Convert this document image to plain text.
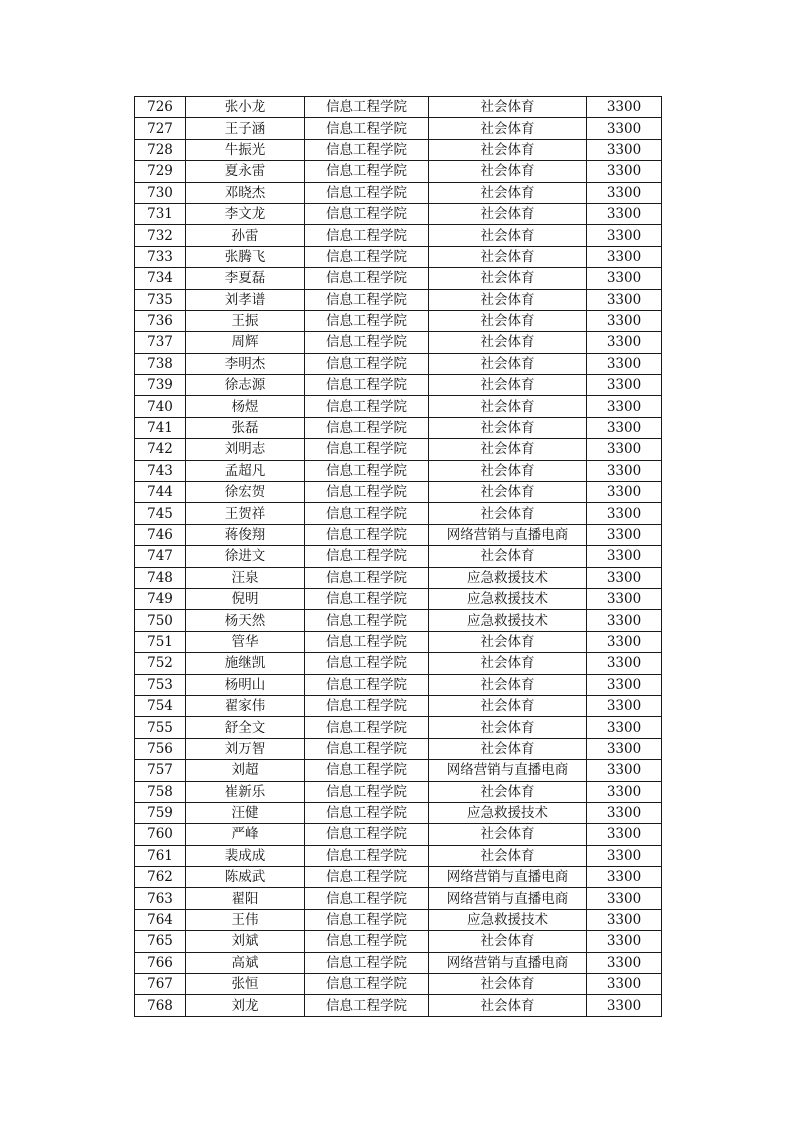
726	张小龙	信息工程学院	社会体育	3300
727	王子涵	信息工程学院	社会体育	3300
728	牛振光	信息工程学院	社会体育	3300
729	夏永雷	信息工程学院	社会体育	3300
730	邓晓杰	信息工程学院	社会体育	3300
731	李文龙	信息工程学院	社会体育	3300
732	孙雷	信息工程学院	社会体育	3300
733	张腾飞	信息工程学院	社会体育	3300
734	李夏磊	信息工程学院	社会体育	3300
735	刘孝谱	信息工程学院	社会体育	3300
736	王振	信息工程学院	社会体育	3300
737	周辉	信息工程学院	社会体育	3300
738	李明杰	信息工程学院	社会体育	3300
739	徐志源	信息工程学院	社会体育	3300
740	杨煜	信息工程学院	社会体育	3300
741	张磊	信息工程学院	社会体育	3300
742	刘明志	信息工程学院	社会体育	3300
743	孟超凡	信息工程学院	社会体育	3300
744	徐宏贺	信息工程学院	社会体育	3300
745	王贺祥	信息工程学院	社会体育	3300
746	蒋俊翔	信息工程学院	网络营销与直播电商	3300
747	徐进文	信息工程学院	社会体育	3300
748	汪泉	信息工程学院	应急救援技术	3300
749	倪明	信息工程学院	应急救援技术	3300
750	杨天然	信息工程学院	应急救援技术	3300
751	管华	信息工程学院	社会体育	3300
752	施继凯	信息工程学院	社会体育	3300
753	杨明山	信息工程学院	社会体育	3300
754	翟家伟	信息工程学院	社会体育	3300
755	舒全文	信息工程学院	社会体育	3300
756	刘万智	信息工程学院	社会体育	3300
757	刘超	信息工程学院	网络营销与直播电商	3300
758	崔新乐	信息工程学院	社会体育	3300
759	汪健	信息工程学院	应急救援技术	3300
760	严峰	信息工程学院	社会体育	3300
761	裴成成	信息工程学院	社会体育	3300
762	陈威武	信息工程学院	网络营销与直播电商	3300
763	翟阳	信息工程学院	网络营销与直播电商	3300
764	王伟	信息工程学院	应急救援技术	3300
765	刘斌	信息工程学院	社会体育	3300
766	高斌	信息工程学院	网络营销与直播电商	3300
767	张恒	信息工程学院	社会体育	3300
768	刘龙	信息工程学院	社会体育	3300
